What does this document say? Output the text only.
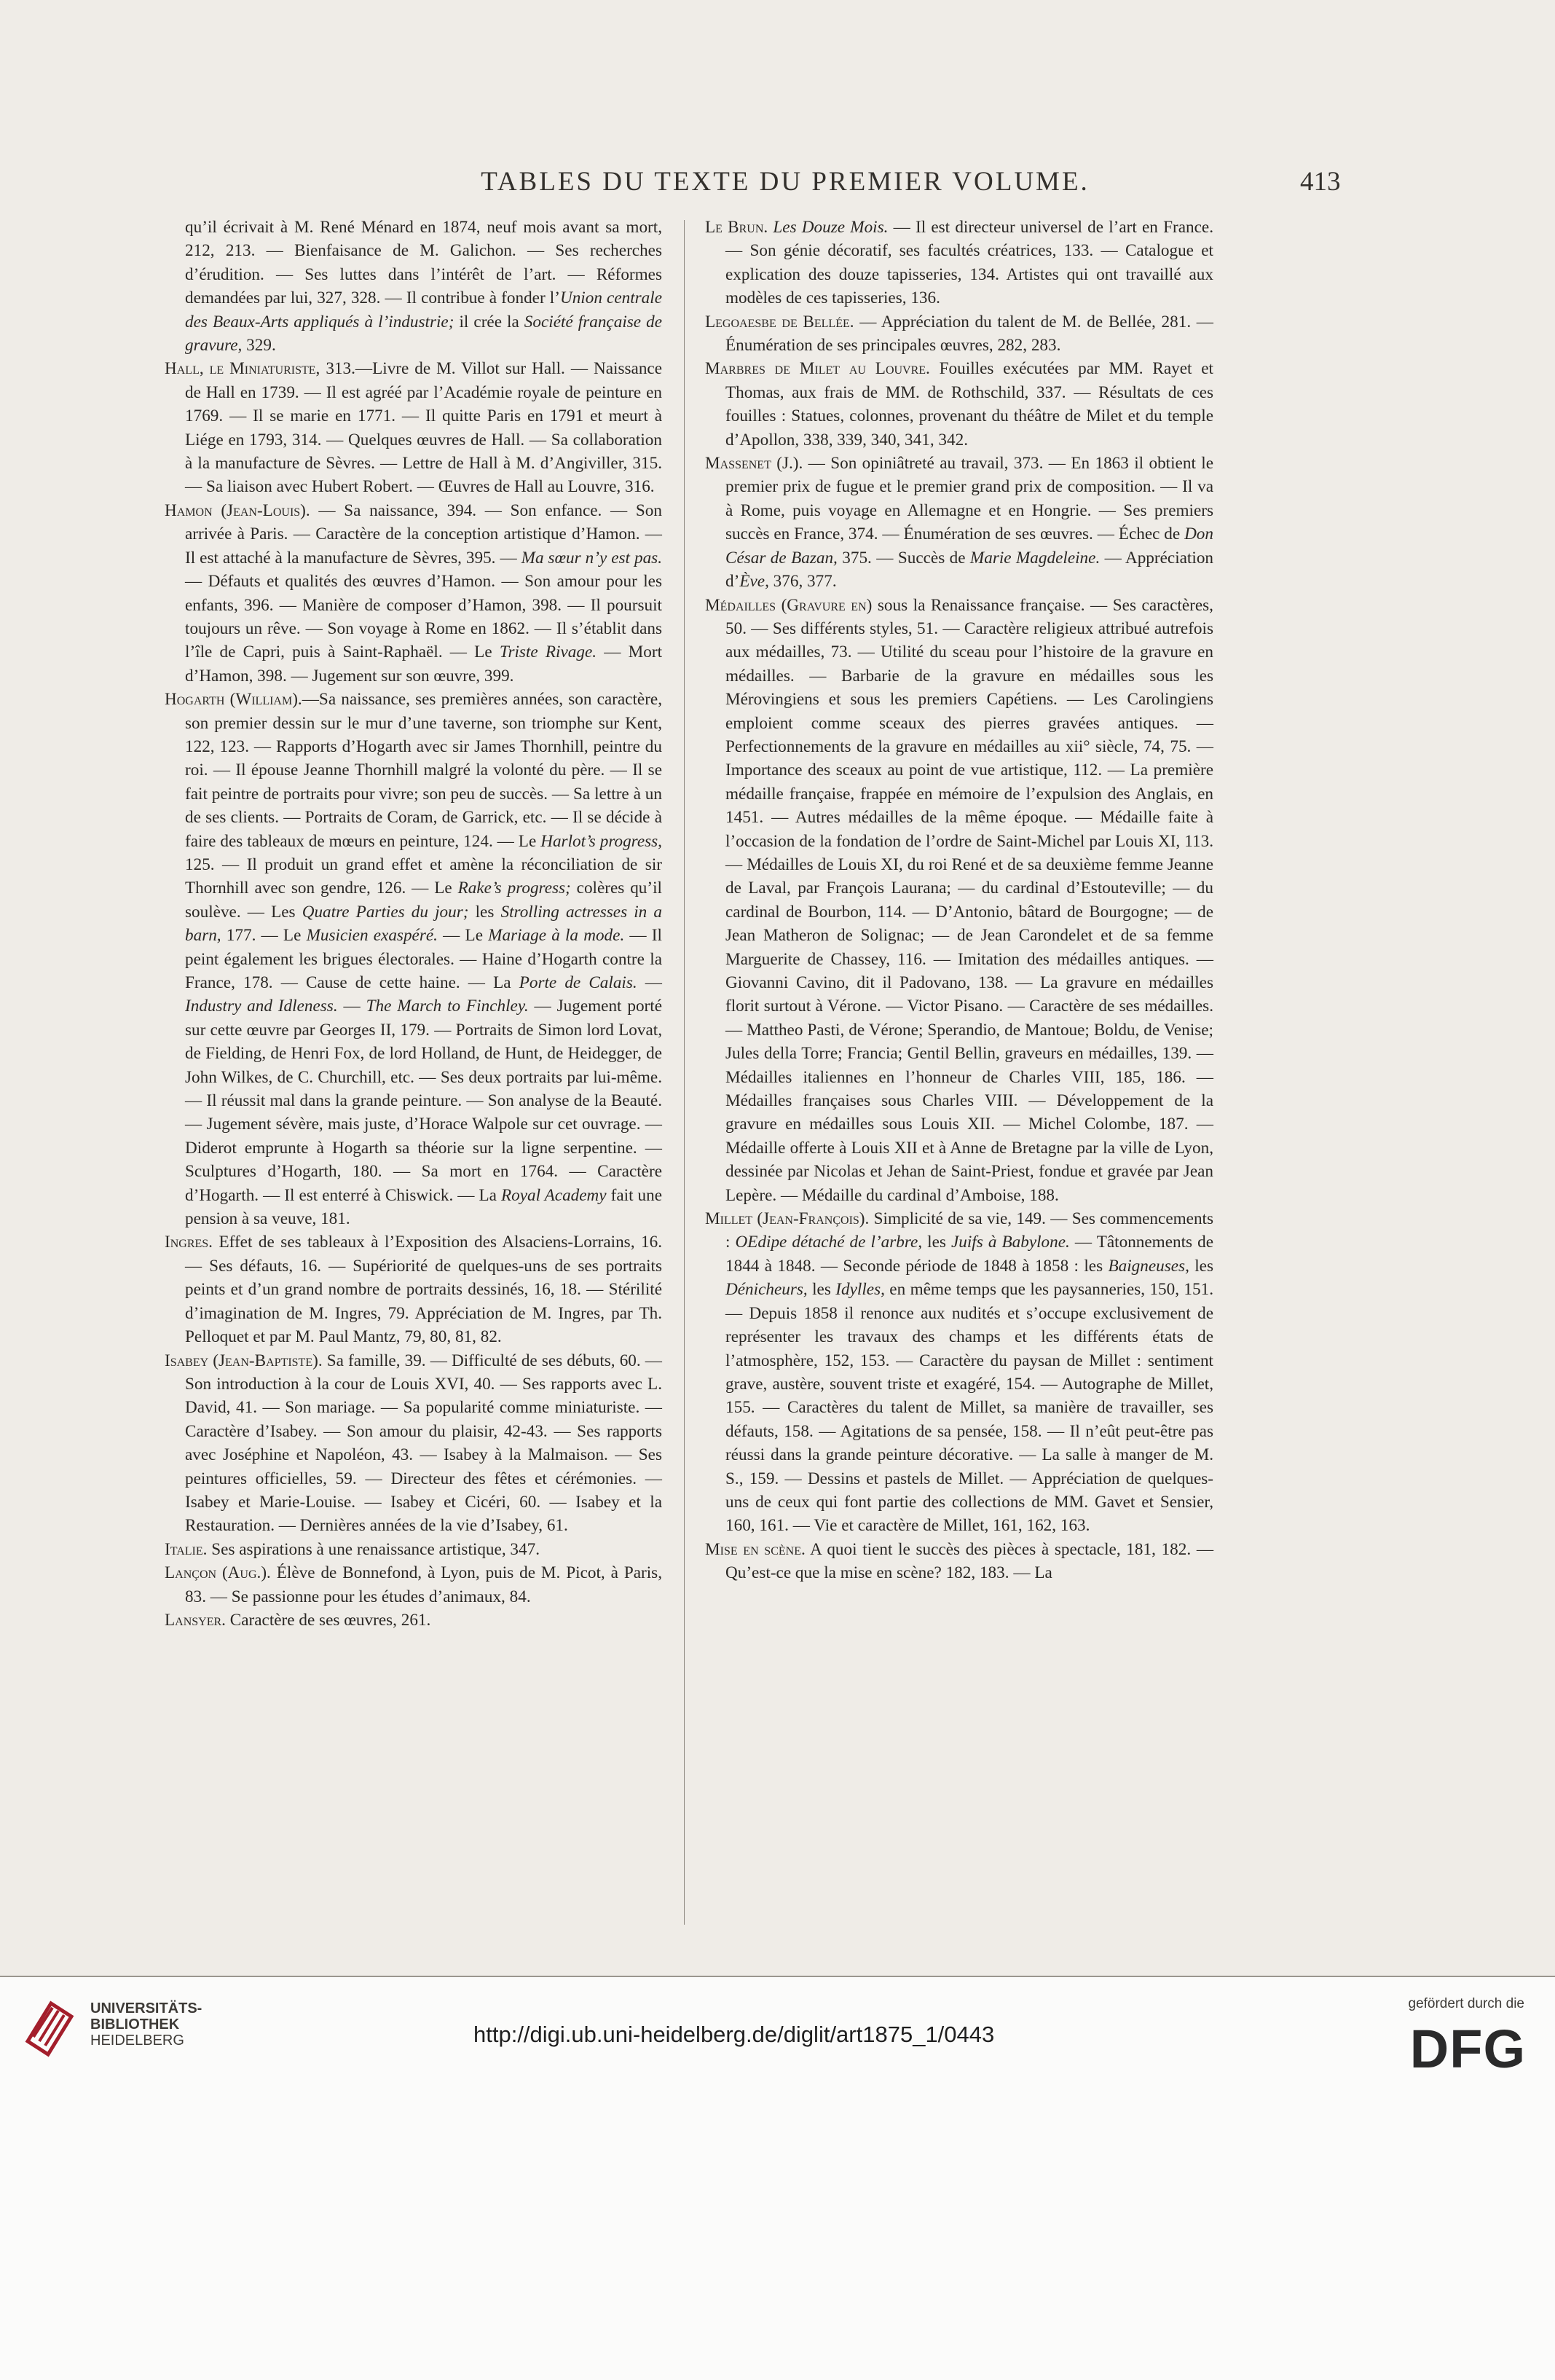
TABLES DU TEXTE DU PREMIER VOLUME.	413

qu’il écrivait à M. René Ménard en 1874, neuf mois avant sa mort, 212, 213. — Bienfaisance de M. Galichon. — Ses recherches d’érudition. — Ses luttes dans l’intérêt de l’art. — Réformes demandées par lui, 327, 328. — Il contribue à fonder l’Union centrale des Beaux-Arts appliqués à l’industrie; il crée la Société française de gravure, 329.

Hall, le Miniaturiste, 313.—Livre de M. Villot sur Hall. — Naissance de Hall en 1739. — Il est agréé par l’Académie royale de peinture en 1769. — Il se marie en 1771. — Il quitte Paris en 1791 et meurt à Liége en 1793, 314. — Quelques œuvres de Hall. — Sa collaboration à la manufacture de Sèvres. — Lettre de Hall à M. d’Angiviller, 315. — Sa liaison avec Hubert Robert. — Œuvres de Hall au Louvre, 316.

Hamon (Jean-Louis). — Sa naissance, 394. — Son enfance. — Son arrivée à Paris. — Caractère de la conception artistique d’Hamon. — Il est attaché à la manufacture de Sèvres, 395. — Ma sœur n’y est pas. — Défauts et qualités des œuvres d’Hamon. — Son amour pour les enfants, 396. — Manière de composer d’Hamon, 398. — Il poursuit toujours un rêve. — Son voyage à Rome en 1862. — Il s’établit dans l’île de Capri, puis à Saint-Raphaël. — Le Triste Rivage. — Mort d’Hamon, 398. — Jugement sur son œuvre, 399.

Hogarth (William).—Sa naissance, ses premières années, son caractère, son premier dessin sur le mur d’une taverne, son triomphe sur Kent, 122, 123. — Rapports d’Hogarth avec sir James Thornhill, peintre du roi. — Il épouse Jeanne Thornhill malgré la volonté du père. — Il se fait peintre de portraits pour vivre; son peu de succès. — Sa lettre à un de ses clients. — Portraits de Coram, de Garrick, etc. — Il se décide à faire des tableaux de mœurs en peinture, 124. — Le Harlot’s progress, 125. — Il produit un grand effet et amène la réconciliation de sir Thornhill avec son gendre, 126. — Le Rake’s progress; colères qu’il soulève. — Les Quatre Parties du jour; les Strolling actresses in a barn, 177. — Le Musicien exaspéré. — Le Mariage à la mode. — Il peint également les brigues électorales. — Haine d’Hogarth contre la France, 178. — Cause de cette haine. — La Porte de Calais. — Industry and Idleness. — The March to Finchley. — Jugement porté sur cette œuvre par Georges II, 179. — Portraits de Simon lord Lovat, de Fielding, de Henri Fox, de lord Holland, de Hunt, de Heidegger, de John Wilkes, de C. Churchill, etc. — Ses deux portraits par lui-même. — Il réussit mal dans la grande peinture. — Son analyse de la Beauté. — Jugement sévère, mais juste, d’Horace Walpole sur cet ouvrage. — Diderot emprunte à Hogarth sa théorie sur la ligne serpentine. — Sculptures d’Hogarth, 180. — Sa mort en 1764. — Caractère d’Hogarth. — Il est enterré à Chiswick. — La Royal Academy fait une pension à sa veuve, 181.

Ingres. Effet de ses tableaux à l’Exposition des Alsaciens-Lorrains, 16. — Ses défauts, 16. — Supériorité de quelques-uns de ses portraits peints et d’un grand nombre de portraits dessinés, 16, 18. — Stérilité d’imagination de M. Ingres, 79. Appréciation de M. Ingres, par Th. Pelloquet et par M. Paul Mantz, 79, 80, 81, 82.

Isabey (Jean-Baptiste). Sa famille, 39. — Difficulté de ses débuts, 60. — Son introduction à la cour de Louis XVI, 40. — Ses rapports avec L. David, 41. — Son mariage. — Sa popularité comme miniaturiste. — Caractère d’Isabey. — Son amour du plaisir, 42-43. — Ses rapports avec Joséphine et Napoléon, 43. — Isabey à la Malmaison. — Ses peintures officielles, 59. — Directeur des fêtes et cérémonies. — Isabey et Marie-Louise. — Isabey et Cicéri, 60. — Isabey et la Restauration. — Dernières années de la vie d’Isabey, 61.

Italie. Ses aspirations à une renaissance artistique, 347.

Lançon (Aug.). Élève de Bonnefond, à Lyon, puis de M. Picot, à Paris, 83. — Se passionne pour les études d’animaux, 84.

Lansyer. Caractère de ses œuvres, 261.

Le Brun. Les Douze Mois. — Il est directeur universel de l’art en France. — Son génie décoratif, ses facultés créatrices, 133. — Catalogue et explication des douze tapisseries, 134. Artistes qui ont travaillé aux modèles de ces tapisseries, 136.

Legoaesbe de Bellée. — Appréciation du talent de M. de Bellée, 281. — Énumération de ses principales œuvres, 282, 283.

Marbres de Milet au Louvre. Fouilles exécutées par MM. Rayet et Thomas, aux frais de MM. de Rothschild, 337. — Résultats de ces fouilles : Statues, colonnes, provenant du théâtre de Milet et du temple d’Apollon, 338, 339, 340, 341, 342.

Massenet (J.). — Son opiniâtreté au travail, 373. — En 1863 il obtient le premier prix de fugue et le premier grand prix de composition. — Il va à Rome, puis voyage en Allemagne et en Hongrie. — Ses premiers succès en France, 374. — Énumération de ses œuvres. — Échec de Don César de Bazan, 375. — Succès de Marie Magdeleine. — Appréciation d’Ève, 376, 377.

Médailles (Gravure en) sous la Renaissance française. — Ses caractères, 50. — Ses différents styles, 51. — Caractère religieux attribué autrefois aux médailles, 73. — Utilité du sceau pour l’histoire de la gravure en médailles. — Barbarie de la gravure en médailles sous les Mérovingiens et sous les premiers Capétiens. — Les Carolingiens emploient comme sceaux des pierres gravées antiques. — Perfectionnements de la gravure en médailles au xii° siècle, 74, 75. — Importance des sceaux au point de vue artistique, 112. — La première médaille française, frappée en mémoire de l’expulsion des Anglais, en 1451. — Autres médailles de la même époque. — Médaille faite à l’occasion de la fondation de l’ordre de Saint-Michel par Louis XI, 113. — Médailles de Louis XI, du roi René et de sa deuxième femme Jeanne de Laval, par François Laurana; — du cardinal d’Estouteville; — du cardinal de Bourbon, 114. — D’Antonio, bâtard de Bourgogne; — de Jean Matheron de Solignac; — de Jean Carondelet et de sa femme Marguerite de Chassey, 116. — Imitation des médailles antiques. — Giovanni Cavino, dit il Padovano, 138. — La gravure en médailles florit surtout à Vérone. — Victor Pisano. — Caractère de ses médailles. — Mattheo Pasti, de Vérone; Sperandio, de Mantoue; Boldu, de Venise; Jules della Torre; Francia; Gentil Bellin, graveurs en médailles, 139. — Médailles italiennes en l’honneur de Charles VIII, 185, 186. — Médailles françaises sous Charles VIII. — Développement de la gravure en médailles sous Louis XII. — Michel Colombe, 187. — Médaille offerte à Louis XII et à Anne de Bretagne par la ville de Lyon, dessinée par Nicolas et Jehan de Saint-Priest, fondue et gravée par Jean Lepère. — Médaille du cardinal d’Amboise, 188.

Millet (Jean-François). Simplicité de sa vie, 149. — Ses commencements : OEdipe détaché de l’arbre, les Juifs à Babylone. — Tâtonnements de 1844 à 1848. — Seconde période de 1848 à 1858 : les Baigneuses, les Dénicheurs, les Idylles, en même temps que les paysanneries, 150, 151. — Depuis 1858 il renonce aux nudités et s’occupe exclusivement de représenter les travaux des champs et les différents états de l’atmosphère, 152, 153. — Caractère du paysan de Millet : sentiment grave, austère, souvent triste et exagéré, 154. — Autographe de Millet, 155. — Caractères du talent de Millet, sa manière de travailler, ses défauts, 158. — Agitations de sa pensée, 158. — Il n’eût peut-être pas réussi dans la grande peinture décorative. — La salle à manger de M. S., 159. — Dessins et pastels de Millet. — Appréciation de quelques-uns de ceux qui font partie des collections de MM. Gavet et Sensier, 160, 161. — Vie et caractère de Millet, 161, 162, 163.

Mise en scène. A quoi tient le succès des pièces à spectacle, 181, 182. — Qu’est-ce que la mise en scène? 182, 183. — La

UNIVERSITÄTS-
BIBLIOTHEK
HEIDELBERG	http://digi.ub.uni-heidelberg.de/diglit/art1875_1/0443
gefördert durch die
DFG
